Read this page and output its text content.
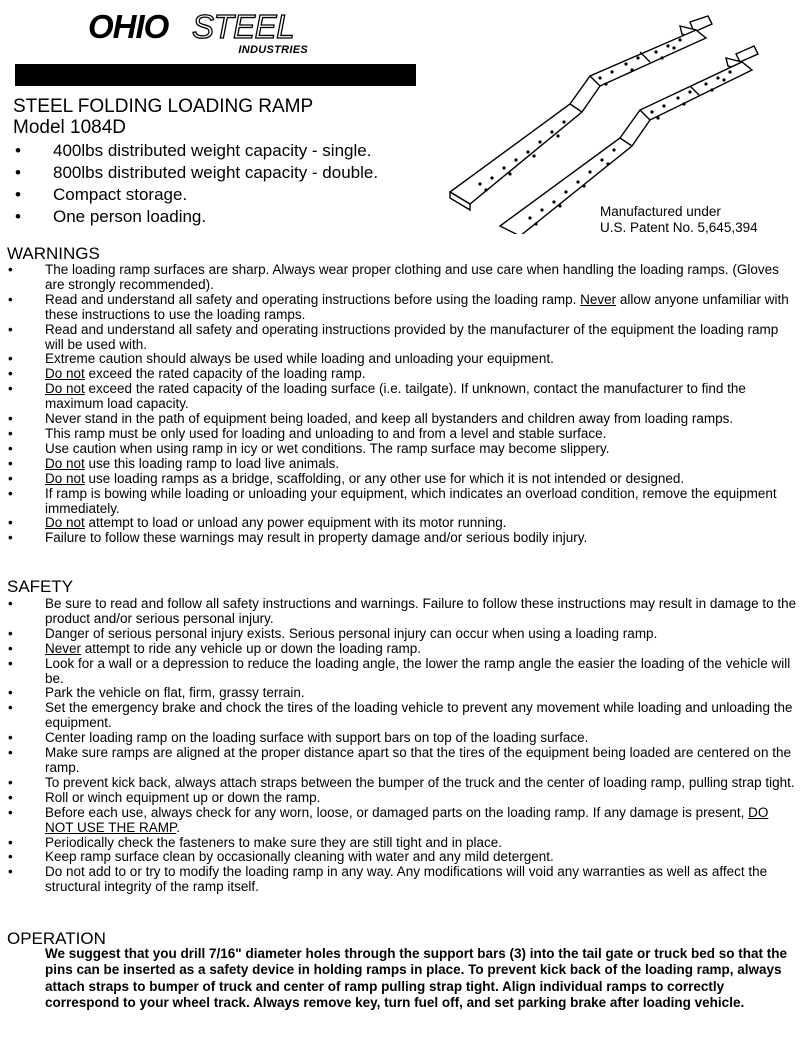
OHIO STEEL
INDUSTRIES
STEEL FOLDING LOADING RAMP
Model 1084D
• 400lbs distributed weight capacity - single.
• 800lbs distributed weight capacity - double.
• Compact storage.
• One person loading.	Manufactured under
U.S. Patent No. 5,645,394
WARNINGS
• The loading ramp surfaces are sharp. Always wear proper clothing and use care when handling the loading ramps. (Gloves are strongly recommended).
• Read and understand all safety and operating instructions before using the loading ramp. Never allow anyone unfamiliar with these instructions to use the loading ramps.
• Read and understand all safety and operating instructions provided by the manufacturer of the equipment the loading ramp will be used with.
• Extreme caution should always be used while loading and unloading your equipment.
• Do not exceed the rated capacity of the loading ramp.
• Do not exceed the rated capacity of the loading surface (i.e. tailgate). If unknown, contact the manufacturer to find the maximum load capacity.
• Never stand in the path of equipment being loaded, and keep all bystanders and children away from loading ramps.
• This ramp must be only used for loading and unloading to and from a level and stable surface.
• Use caution when using ramp in icy or wet conditions. The ramp surface may become slippery.
• Do not use this loading ramp to load live animals.
• Do not use loading ramps as a bridge, scaffolding, or any other use for which it is not intended or designed.
• If ramp is bowing while loading or unloading your equipment, which indicates an overload condition, remove the equipment immediately.
• Do not attempt to load or unload any power equipment with its motor running.
• Failure to follow these warnings may result in property damage and/or serious bodily injury.
SAFETY
• Be sure to read and follow all safety instructions and warnings. Failure to follow these instructions may result in damage to the product and/or serious personal injury.
• Danger of serious personal injury exists. Serious personal injury can occur when using a loading ramp.
• Never attempt to ride any vehicle up or down the loading ramp.
• Look for a wall or a depression to reduce the loading angle, the lower the ramp angle the easier the loading of the vehicle will be.
• Park the vehicle on flat, firm, grassy terrain.
• Set the emergency brake and chock the tires of the loading vehicle to prevent any movement while loading and unloading the equipment.
• Center loading ramp on the loading surface with support bars on top of the loading surface.
• Make sure ramps are aligned at the proper distance apart so that the tires of the equipment being loaded are centered on the ramp.
• To prevent kick back, always attach straps between the bumper of the truck and the center of loading ramp, pulling strap tight.
• Roll or winch equipment up or down the ramp.
• Before each use, always check for any worn, loose, or damaged parts on the loading ramp. If any damage is present, DO NOT USE THE RAMP.
• Periodically check the fasteners to make sure they are still tight and in place.
• Keep ramp surface clean by occasionally cleaning with water and any mild detergent.
• Do not add to or try to modify the loading ramp in any way. Any modifications will void any warranties as well as affect the structural integrity of the ramp itself.
OPERATION
We suggest that you drill 7/16" diameter holes through the support bars (3) into the tail gate or truck bed so that the pins can be inserted as a safety device in holding ramps in place. To prevent kick back of the loading ramp, always attach straps to bumper of truck and center of ramp pulling strap tight. Align individual ramps to correctly correspond to your wheel track. Always remove key, turn fuel off, and set parking brake after loading vehicle.
